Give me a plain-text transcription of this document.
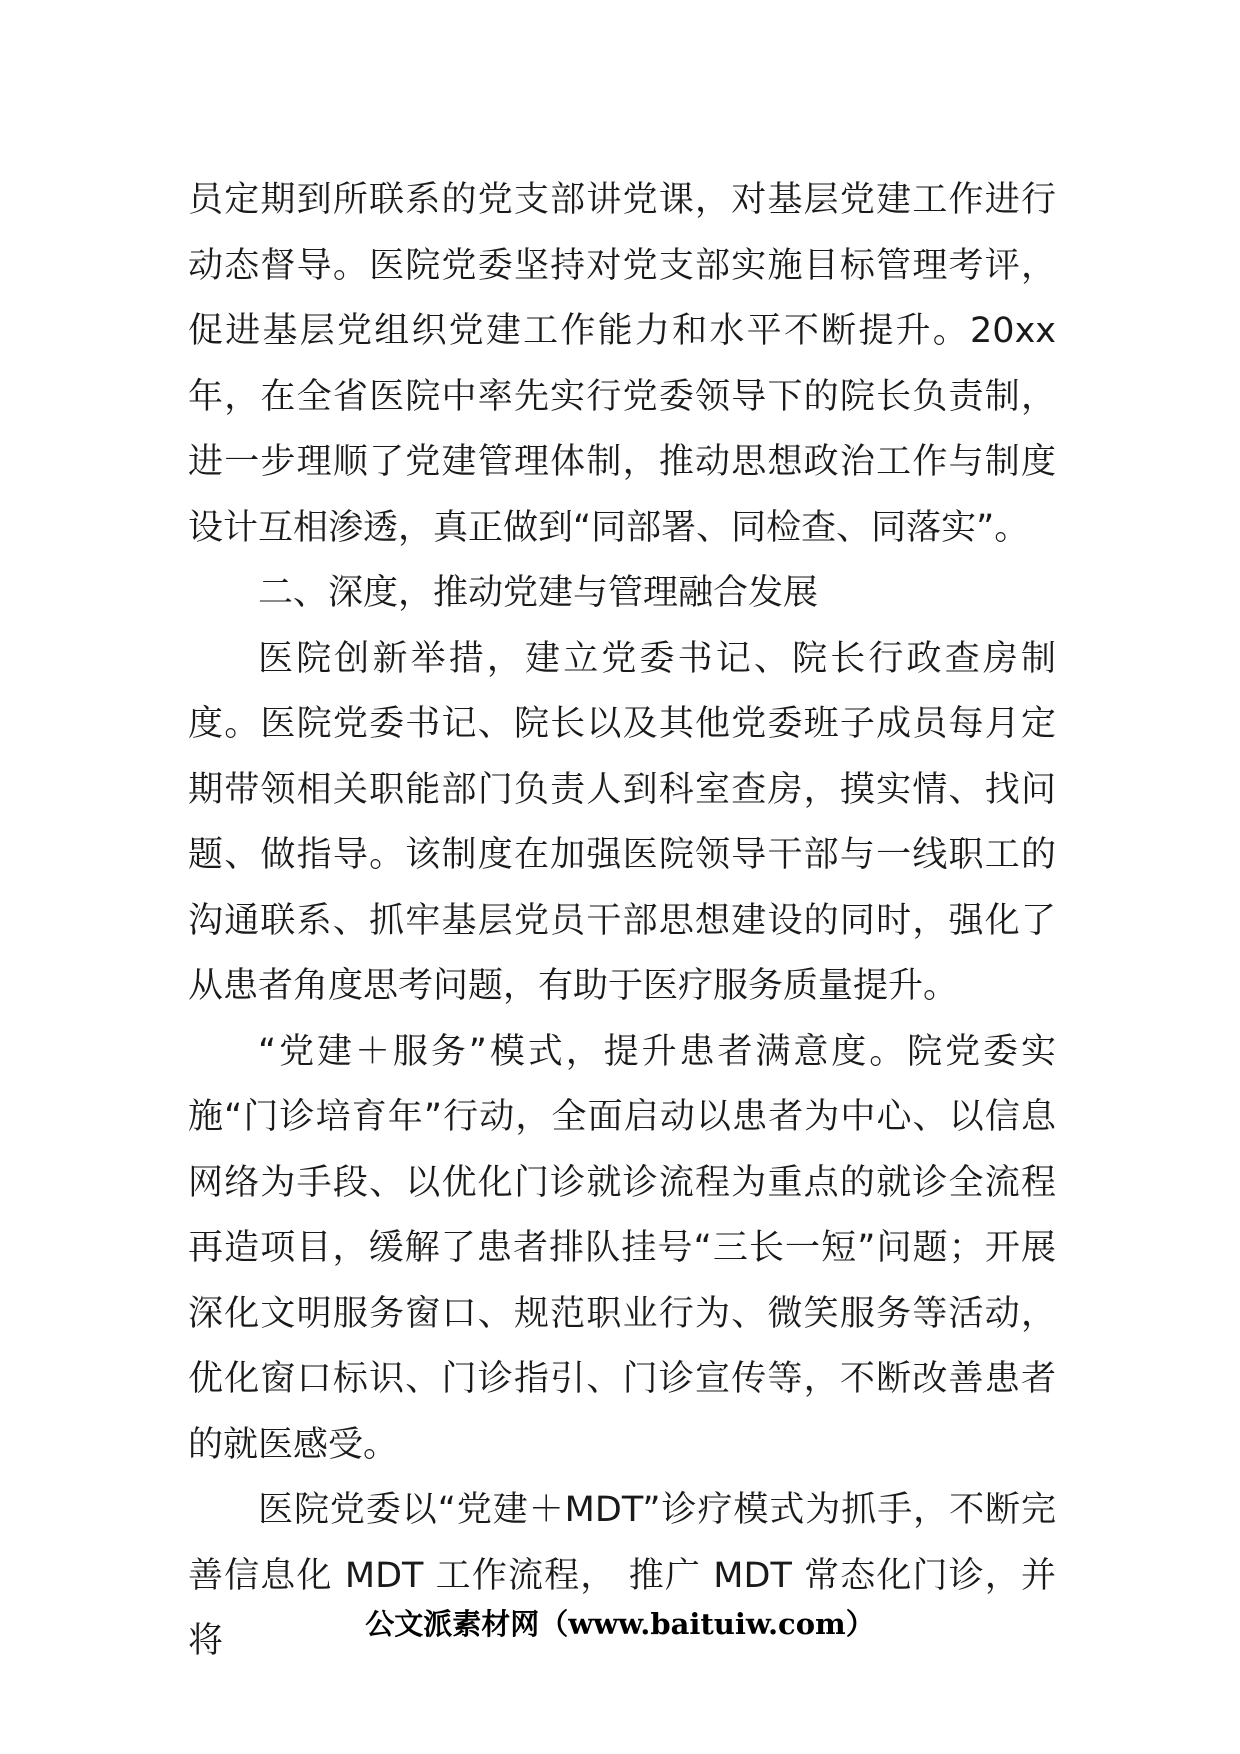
员定期到所联系的党支部讲党课，对基层党建工作进行动态督导。医院党委坚持对党支部实施目标管理考评，促进基层党组织党建工作能力和水平不断提升。20xx 年，在全省医院中率先实行党委领导下的院长负责制，进一步理顺了党建管理体制，推动思想政治工作与制度设计互相渗透，真正做到“同部署、同检查、同落实”。

二、深度，推动党建与管理融合发展

医院创新举措，建立党委书记、院长行政查房制度。医院党委书记、院长以及其他党委班子成员每月定期带领相关职能部门负责人到科室查房，摸实情、找问题、做指导。该制度在加强医院领导干部与一线职工的沟通联系、抓牢基层党员干部思想建设的同时，强化了从患者角度思考问题，有助于医疗服务质量提升。

“党建＋服务”模式，提升患者满意度。院党委实施“门诊培育年”行动，全面启动以患者为中心、以信息网络为手段、以优化门诊就诊流程为重点的就诊全流程再造项目，缓解了患者排队挂号“三长一短”问题；开展深化文明服务窗口、规范职业行为、微笑服务等活动，优化窗口标识、门诊指引、门诊宣传等，不断改善患者的就医感受。

医院党委以“党建＋MDT”诊疗模式为抓手，不断完善信息化 MDT 工作流程， 推广 MDT 常态化门诊，并将	公文派素材网（www.baituiw.com）
